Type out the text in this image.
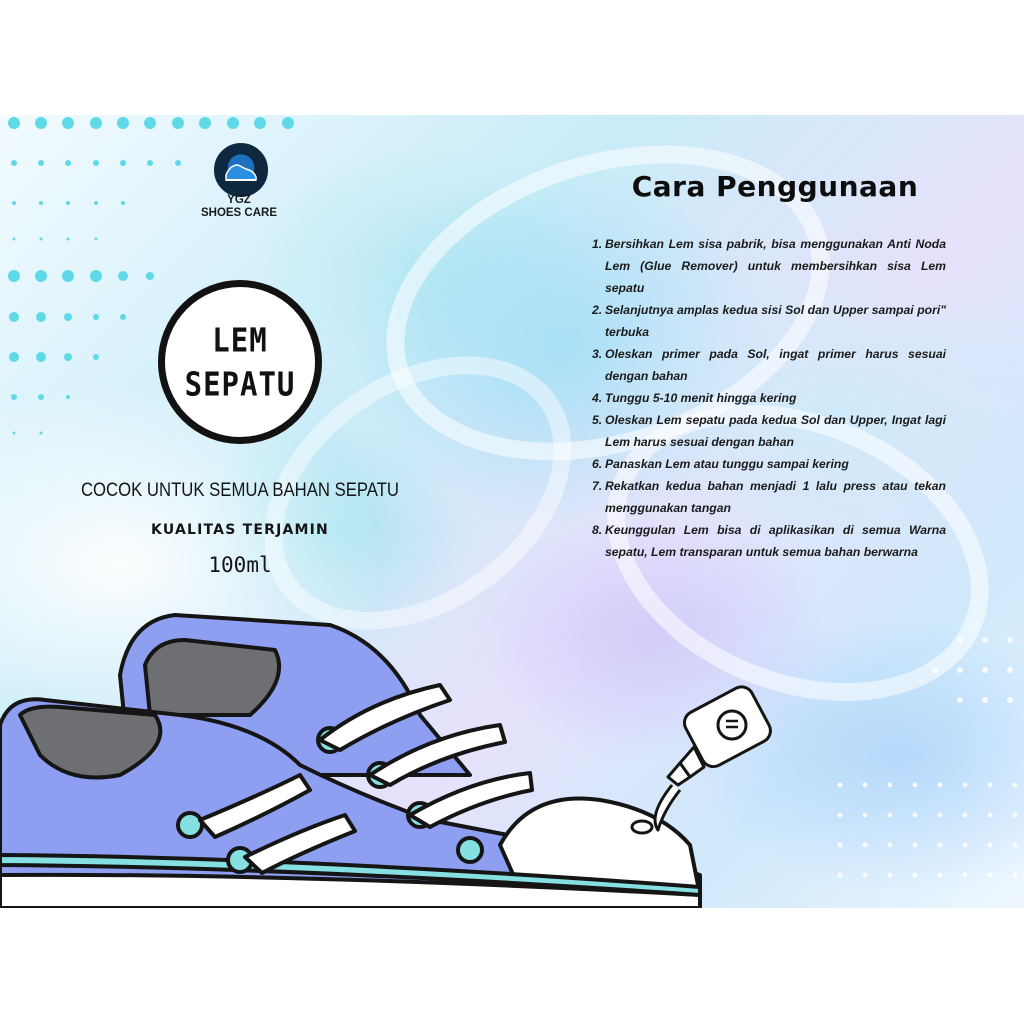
YGZ
SHOES CARE
LEM
SEPATU
COCOK UNTUK SEMUA BAHAN SEPATU
KUALITAS TERJAMIN
100ml
Cara Penggunaan
1. Bersihkan Lem sisa pabrik, bisa menggunakan Anti Noda Lem (Glue Remover) untuk membersihkan sisa Lem sepatu
2. Selanjutnya amplas kedua sisi Sol dan Upper sampai pori" terbuka
3. Oleskan primer pada Sol, ingat primer harus sesuai dengan bahan
4. Tunggu 5-10 menit hingga kering
5. Oleskan Lem sepatu pada kedua Sol dan Upper, Ingat lagi Lem harus sesuai dengan bahan
6. Panaskan Lem atau tunggu sampai kering
7. Rekatkan kedua bahan menjadi 1 lalu press atau tekan menggunakan tangan
8. Keunggulan Lem bisa di aplikasikan di semua Warna sepatu, Lem transparan untuk semua bahan berwarna
